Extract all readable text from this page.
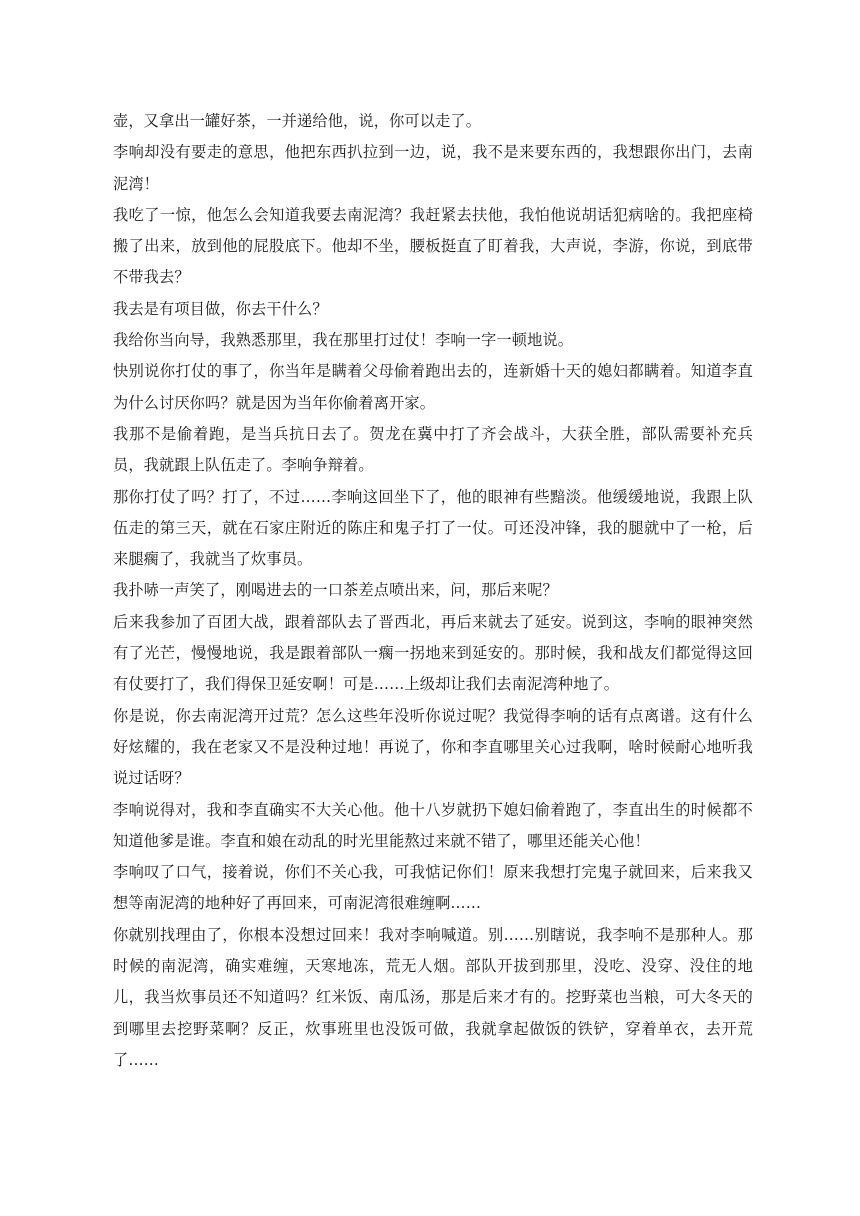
壶，又拿出一罐好茶，一并递给他，说，你可以走了。

李响却没有要走的意思，他把东西扒拉到一边，说，我不是来要东西的，我想跟你出门，去南泥湾！

我吃了一惊，他怎么会知道我要去南泥湾？我赶紧去扶他，我怕他说胡话犯病啥的。我把座椅搬了出来，放到他的屁股底下。他却不坐，腰板挺直了盯着我，大声说，李游，你说，到底带不带我去？

我去是有项目做，你去干什么？

我给你当向导，我熟悉那里，我在那里打过仗！李响一字一顿地说。

快别说你打仗的事了，你当年是瞒着父母偷着跑出去的，连新婚十天的媳妇都瞒着。知道李直为什么讨厌你吗？就是因为当年你偷着离开家。

我那不是偷着跑，是当兵抗日去了。贺龙在冀中打了齐会战斗，大获全胜，部队需要补充兵员，我就跟上队伍走了。李响争辩着。

那你打仗了吗？打了，不过……李响这回坐下了，他的眼神有些黯淡。他缓缓地说，我跟上队伍走的第三天，就在石家庄附近的陈庄和鬼子打了一仗。可还没冲锋，我的腿就中了一枪，后来腿瘸了，我就当了炊事员。

我扑哧一声笑了，刚喝进去的一口茶差点喷出来，问，那后来呢？

后来我参加了百团大战，跟着部队去了晋西北，再后来就去了延安。说到这，李响的眼神突然有了光芒，慢慢地说，我是跟着部队一瘸一拐地来到延安的。那时候，我和战友们都觉得这回有仗要打了，我们得保卫延安啊！可是……上级却让我们去南泥湾种地了。

你是说，你去南泥湾开过荒？怎么这些年没听你说过呢？我觉得李响的话有点离谱。这有什么好炫耀的，我在老家又不是没种过地！再说了，你和李直哪里关心过我啊，啥时候耐心地听我说过话呀？

李响说得对，我和李直确实不大关心他。他十八岁就扔下媳妇偷着跑了，李直出生的时候都不知道他爹是谁。李直和娘在动乱的时光里能熬过来就不错了，哪里还能关心他！

李响叹了口气，接着说，你们不关心我，可我惦记你们！原来我想打完鬼子就回来，后来我又想等南泥湾的地种好了再回来，可南泥湾很难缠啊……

你就别找理由了，你根本没想过回来！我对李响喊道。别……别瞎说，我李响不是那种人。那时候的南泥湾，确实难缠，天寒地冻，荒无人烟。部队开拔到那里，没吃、没穿、没住的地儿，我当炊事员还不知道吗？红米饭、南瓜汤，那是后来才有的。挖野菜也当粮，可大冬天的到哪里去挖野菜啊？反正，炊事班里也没饭可做，我就拿起做饭的铁铲，穿着单衣，去开荒了……
